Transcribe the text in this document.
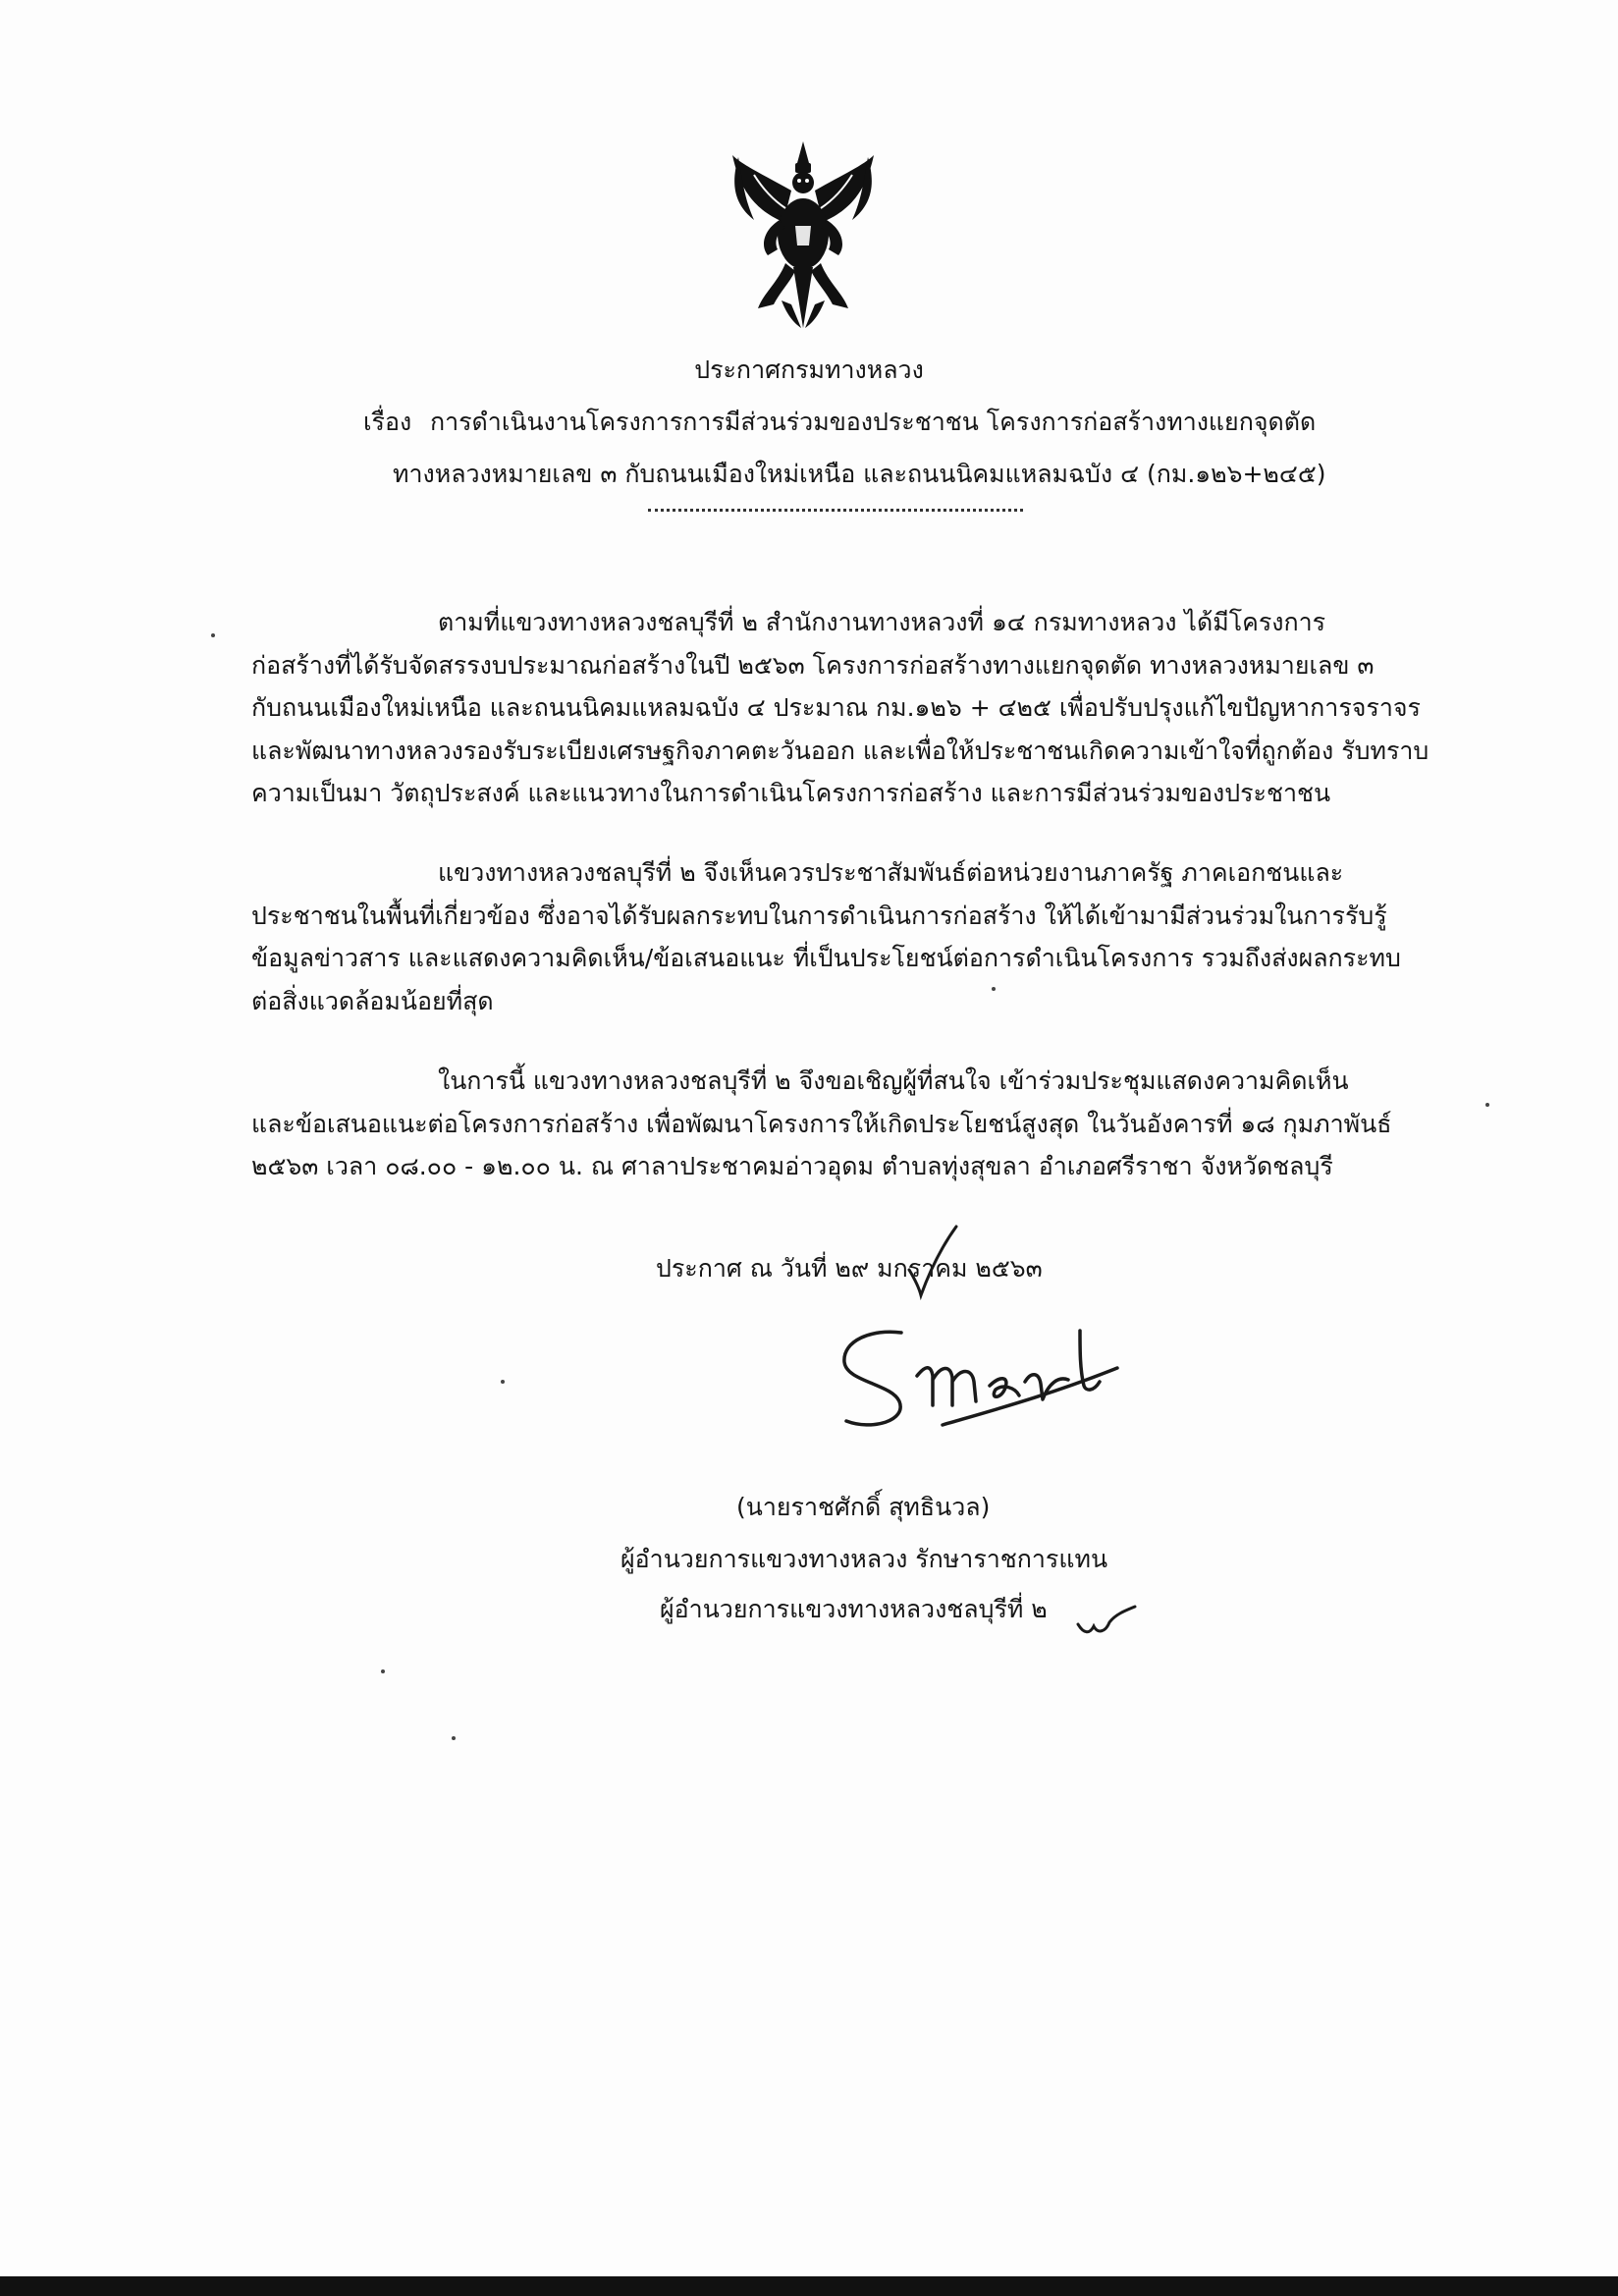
ประกาศกรมทางหลวง
เรื่อง การดำเนินงานโครงการการมีส่วนร่วมของประชาชน โครงการก่อสร้างทางแยกจุดตัด
ทางหลวงหมายเลข ๓ กับถนนเมืองใหม่เหนือ และถนนนิคมแหลมฉบัง ๔ (กม.๑๒๖+๒๔๕)
ตามที่แขวงทางหลวงชลบุรีที่ ๒ สำนักงานทางหลวงที่ ๑๔ กรมทางหลวง ได้มีโครงการ
ก่อสร้างที่ได้รับจัดสรรงบประมาณก่อสร้างในปี ๒๕๖๓ โครงการก่อสร้างทางแยกจุดตัด ทางหลวงหมายเลข ๓
กับถนนเมืองใหม่เหนือ และถนนนิคมแหลมฉบัง ๔ ประมาณ กม.๑๒๖ + ๔๒๕ เพื่อปรับปรุงแก้ไขปัญหาการจราจร
และพัฒนาทางหลวงรองรับระเบียงเศรษฐกิจภาคตะวันออก และเพื่อให้ประชาชนเกิดความเข้าใจที่ถูกต้อง รับทราบ
ความเป็นมา วัตถุประสงค์ และแนวทางในการดำเนินโครงการก่อสร้าง และการมีส่วนร่วมของประชาชน
แขวงทางหลวงชลบุรีที่ ๒ จึงเห็นควรประชาสัมพันธ์ต่อหน่วยงานภาครัฐ ภาคเอกชนและ
ประชาชนในพื้นที่เกี่ยวข้อง ซึ่งอาจได้รับผลกระทบในการดำเนินการก่อสร้าง ให้ได้เข้ามามีส่วนร่วมในการรับรู้
ข้อมูลข่าวสาร และแสดงความคิดเห็น/ข้อเสนอแนะ ที่เป็นประโยชน์ต่อการดำเนินโครงการ รวมถึงส่งผลกระทบ
ต่อสิ่งแวดล้อมน้อยที่สุด
ในการนี้ แขวงทางหลวงชลบุรีที่ ๒ จึงขอเชิญผู้ที่สนใจ เข้าร่วมประชุมแสดงความคิดเห็น
และข้อเสนอแนะต่อโครงการก่อสร้าง เพื่อพัฒนาโครงการให้เกิดประโยชน์สูงสุด ในวันอังคารที่ ๑๘ กุมภาพันธ์
๒๕๖๓ เวลา ๐๘.๐๐ - ๑๒.๐๐ น. ณ ศาลาประชาคมอ่าวอุดม ตำบลทุ่งสุขลา อำเภอศรีราชา จังหวัดชลบุรี
ประกาศ ณ วันที่ ๒๙ มกราคม ๒๕๖๓
(นายราชศักดิ์ สุทธินวล)
ผู้อำนวยการแขวงทางหลวง รักษาราชการแทน
ผู้อำนวยการแขวงทางหลวงชลบุรีที่ ๒
